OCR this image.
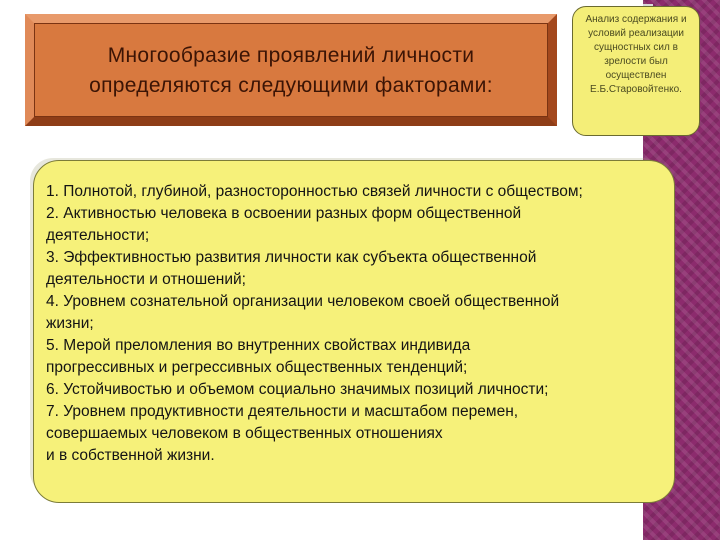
Многообразие проявлений личности определяются следующими факторами:

Анализ содержания и условий реализации сущностных сил в зрелости был осуществлен Е.Б.Старовойтенко.

1. Полнотой, глубиной, разносторонностью связей личности с обществом;
2. Активностью человека в освоении разных форм общественной
деятельности;
3. Эффективностью развития личности как субъекта общественной
деятельности и отношений;
4. Уровнем сознательной организации человеком своей общественной
жизни;
5. Мерой преломления во внутренних свойствах индивида
прогрессивных и регрессивных общественных тенденций;
6. Устойчивостью и объемом социально значимых позиций личности;
7. Уровнем продуктивности деятельности и масштабом перемен,
совершаемых человеком в общественных отношениях
и в собственной жизни.
